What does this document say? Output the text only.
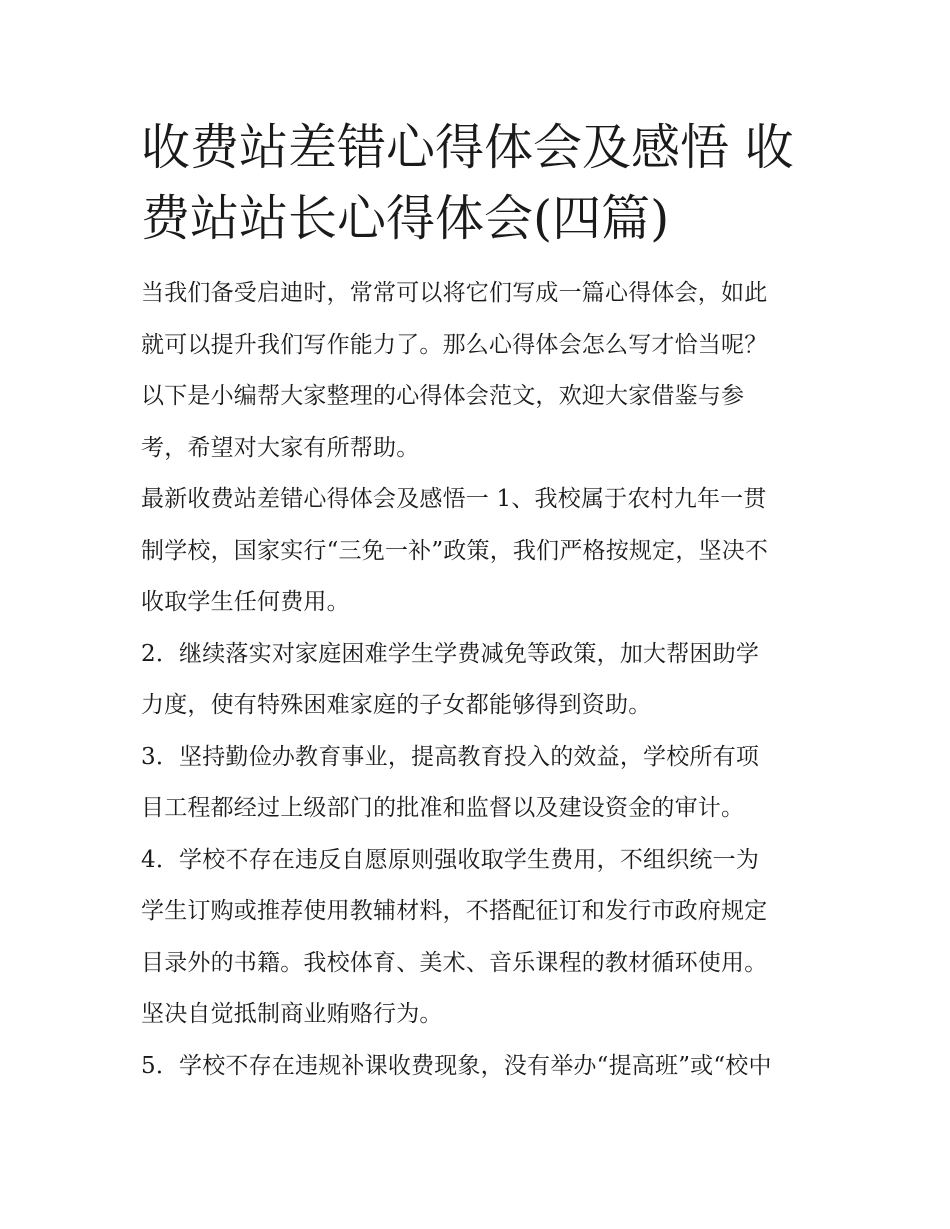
收费站差错心得体会及感悟 收
费站站长心得体会(四篇)

当我们备受启迪时，常常可以将它们写成一篇心得体会，如此
就可以提升我们写作能力了。那么心得体会怎么写才恰当呢？
以下是小编帮大家整理的心得体会范文，欢迎大家借鉴与参
考，希望对大家有所帮助。

最新收费站差错心得体会及感悟一 1、我校属于农村九年一贯
制学校，国家实行“三免一补”政策，我们严格按规定，坚决不
收取学生任何费用。

2．继续落实对家庭困难学生学费减免等政策，加大帮困助学
力度，使有特殊困难家庭的子女都能够得到资助。

3．坚持勤俭办教育事业，提高教育投入的效益，学校所有项
目工程都经过上级部门的批准和监督以及建设资金的审计。

4．学校不存在违反自愿原则强收取学生费用，不组织统一为
学生订购或推荐使用教辅材料，不搭配征订和发行市政府规定
目录外的书籍。我校体育、美术、音乐课程的教材循环使用。
坚决自觉抵制商业贿赂行为。

5．学校不存在违规补课收费现象，没有举办“提高班”或“校中
